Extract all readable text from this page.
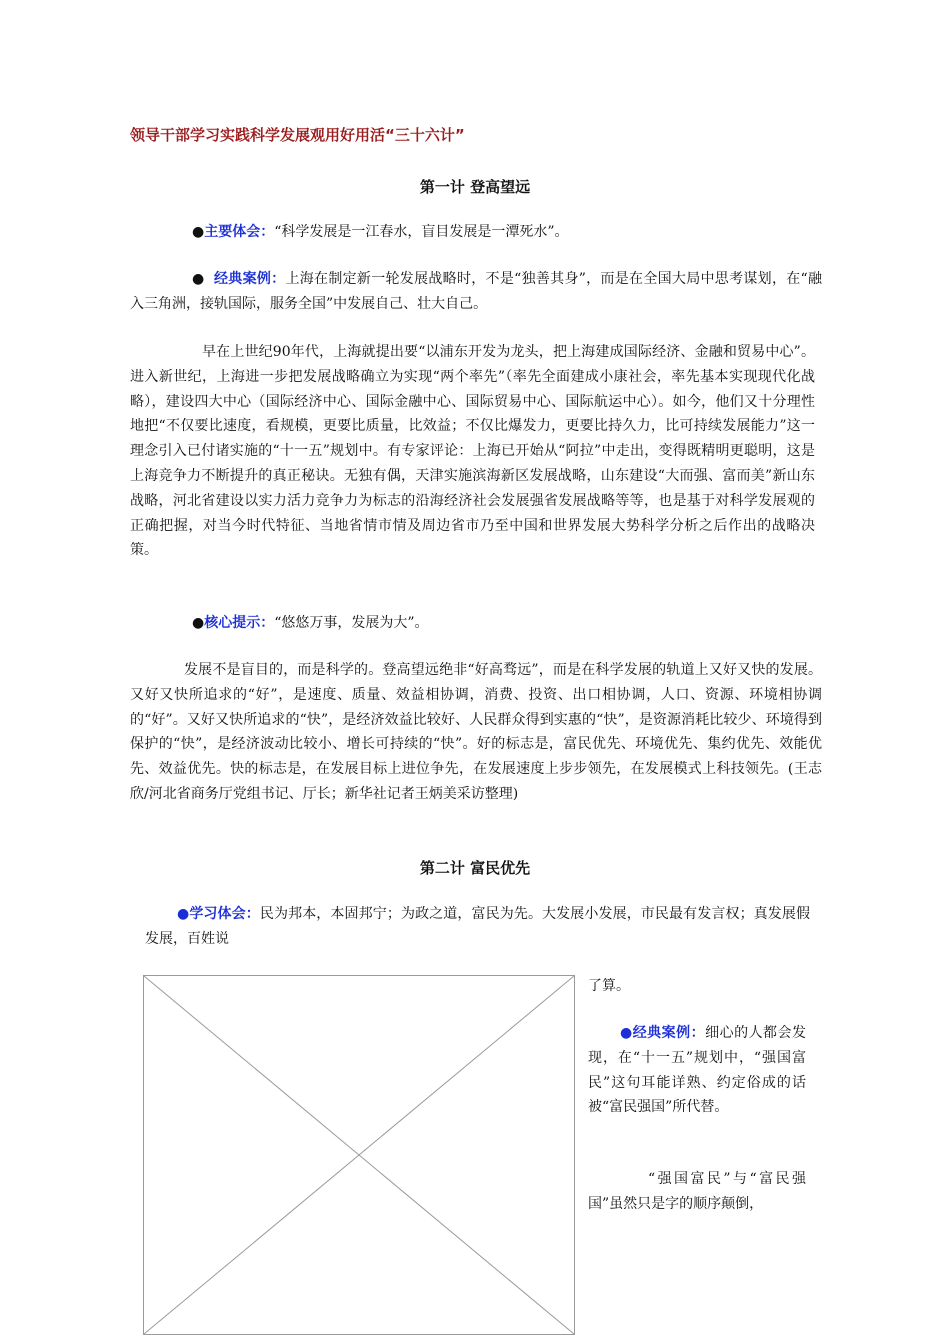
领导干部学习实践科学发展观用好用活“三十六计”
第一计 登高望远
●主要体会：“科学发展是一江春水，盲目发展是一潭死水”。
● 经典案例：上海在制定新一轮发展战略时，不是“独善其身”，而是在全国大局中思考谋划，在“融入三角洲，接轨国际，服务全国”中发展自己、壮大自己。
早在上世纪90年代，上海就提出要“以浦东开发为龙头，把上海建成国际经济、金融和贸易中心”。进入新世纪，上海进一步把发展战略确立为实现“两个率先”（率先全面建成小康社会，率先基本实现现代化战略），建设四大中心（国际经济中心、国际金融中心、国际贸易中心、国际航运中心）。如今，他们又十分理性地把“不仅要比速度，看规模，更要比质量，比效益；不仅比爆发力，更要比持久力，比可持续发展能力”这一理念引入已付诸实施的“十一五”规划中。有专家评论：上海已开始从“阿拉”中走出，变得既精明更聪明，这是上海竞争力不断提升的真正秘诀。无独有偶，天津实施滨海新区发展战略，山东建设“大而强、富而美”新山东战略，河北省建设以实力活力竞争力为标志的沿海经济社会发展强省发展战略等等，也是基于对科学发展观的正确把握，对当今时代特征、当地省情市情及周边省市乃至中国和世界发展大势科学分析之后作出的战略决策。
●核心提示：“悠悠万事，发展为大”。
发展不是盲目的，而是科学的。登高望远绝非“好高骛远”，而是在科学发展的轨道上又好又快的发展。又好又快所追求的“好”，是速度、质量、效益相协调，消费、投资、出口相协调，人口、资源、环境相协调的“好”。又好又快所追求的“快”，是经济效益比较好、人民群众得到实惠的“快”，是资源消耗比较少、环境得到保护的“快”，是经济波动比较小、增长可持续的“快”。好的标志是，富民优先、环境优先、集约优先、效能优先、效益优先。快的标志是，在发展目标上进位争先，在发展速度上步步领先，在发展模式上科技领先。(王志欣/河北省商务厅党组书记、厅长；新华社记者王炳美采访整理)
第二计 富民优先
●学习体会：民为邦本，本固邦宁；为政之道，富民为先。大发展小发展，市民最有发言权；真发展假发展，百姓说
了算。
●经典案例：细心的人都会发现，在“十一五”规划中，“强国富民”这句耳能详熟、约定俗成的话被“富民强国”所代替。
“强国富民”与“富民强国”虽然只是字的顺序颠倒，
